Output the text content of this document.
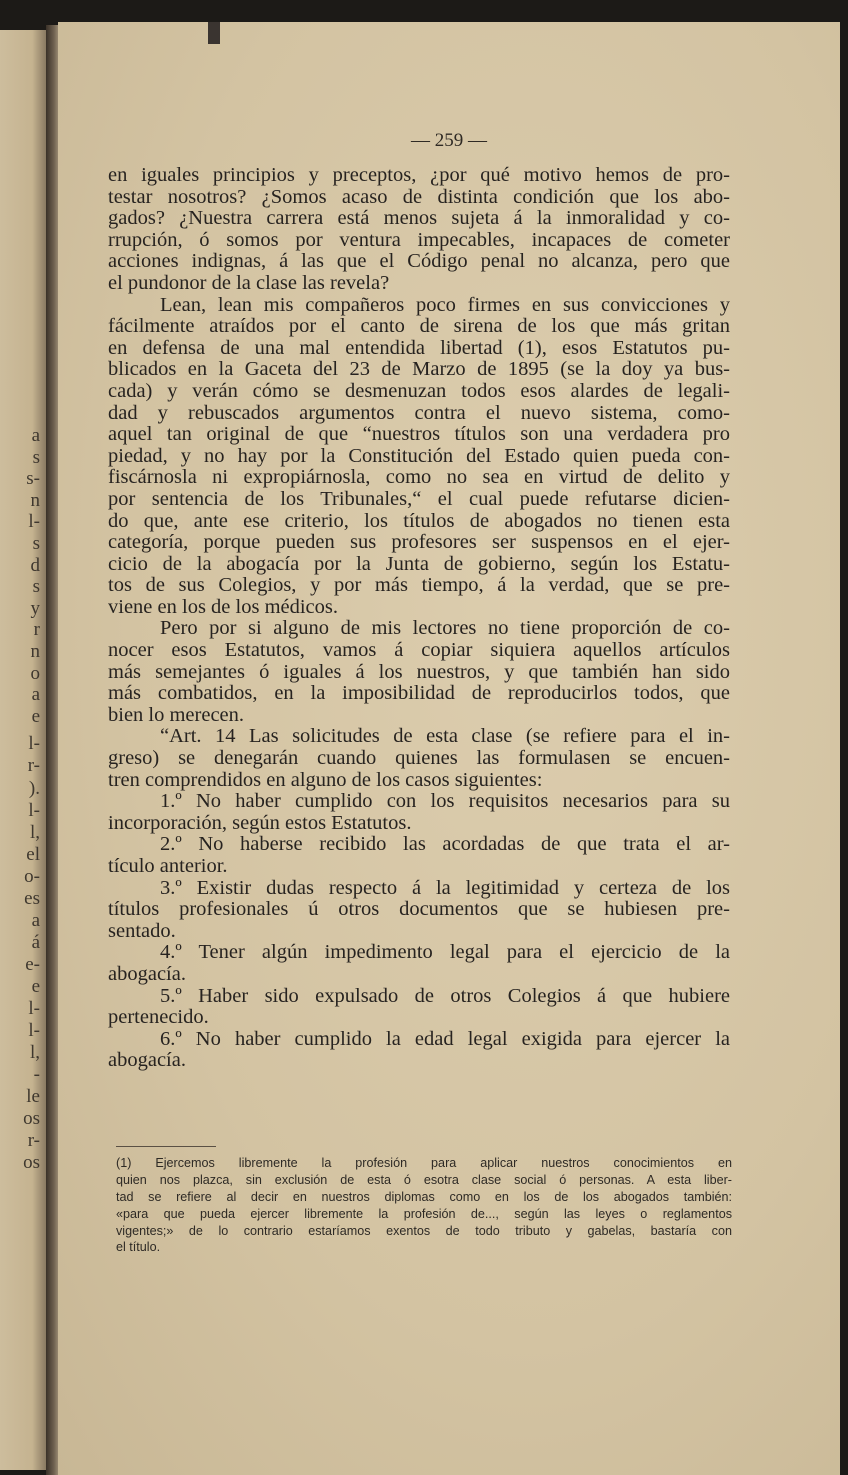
a
s
s-
n
l-
s
d
s
y
r
n
o
a
e
l-
r-
).
l-
l,
el
o-
es
a
á
e-
e
l-
l-
l,
-
le
os
r-
os
— 259 —
en iguales principios y preceptos, ¿por qué motivo hemos de pro-
testar nosotros? ¿Somos acaso de distinta condición que los abo-
gados? ¿Nuestra carrera está menos sujeta á la inmoralidad y co-
rrupción, ó somos por ventura impecables, incapaces de cometer
acciones indignas, á las que el Código penal no alcanza, pero que
el pundonor de la clase las revela?
Lean, lean mis compañeros poco firmes en sus convicciones y
fácilmente atraídos por el canto de sirena de los que más gritan
en defensa de una mal entendida libertad (1), esos Estatutos pu-
blicados en la Gaceta del 23 de Marzo de 1895 (se la doy ya bus-
cada) y verán cómo se desmenuzan todos esos alardes de legali-
dad y rebuscados argumentos contra el nuevo sistema, como-
aquel tan original de que “nuestros títulos son una verdadera pro
piedad, y no hay por la Constitución del Estado quien pueda con-
fiscárnosla ni expropiárnosla, como no sea en virtud de delito y
por sentencia de los Tribunales,“ el cual puede refutarse dicien-
do que, ante ese criterio, los títulos de abogados no tienen esta
categoría, porque pueden sus profesores ser suspensos en el ejer-
cicio de la abogacía por la Junta de gobierno, según los Estatu-
tos de sus Colegios, y por más tiempo, á la verdad, que se pre-
viene en los de los médicos.
Pero por si alguno de mis lectores no tiene proporción de co-
nocer esos Estatutos, vamos á copiar siquiera aquellos artículos
más semejantes ó iguales á los nuestros, y que también han sido
más combatidos, en la imposibilidad de reproducirlos todos, que
bien lo merecen.
“Art. 14 Las solicitudes de esta clase (se refiere para el in-
greso) se denegarán cuando quienes las formulasen se encuen-
tren comprendidos en alguno de los casos siguientes:
1.º No haber cumplido con los requisitos necesarios para su
incorporación, según estos Estatutos.
2.º No haberse recibido las acordadas de que trata el ar-
tículo anterior.
3.º Existir dudas respecto á la legitimidad y certeza de los
títulos profesionales ú otros documentos que se hubiesen pre-
sentado.
4.º Tener algún impedimento legal para el ejercicio de la
abogacía.
5.º Haber sido expulsado de otros Colegios á que hubiere
pertenecido.
6.º No haber cumplido la edad legal exigida para ejercer la
abogacía.
(1) Ejercemos libremente la profesión para aplicar nuestros conocimientos en
quien nos plazca, sin exclusión de esta ó esotra clase social ó personas. A esta liber-
tad se refiere al decir en nuestros diplomas como en los de los abogados también:
«para que pueda ejercer libremente la profesión de..., según las leyes o reglamentos
vigentes;» de lo contrario estaríamos exentos de todo tributo y gabelas, bastaría con
el título.
